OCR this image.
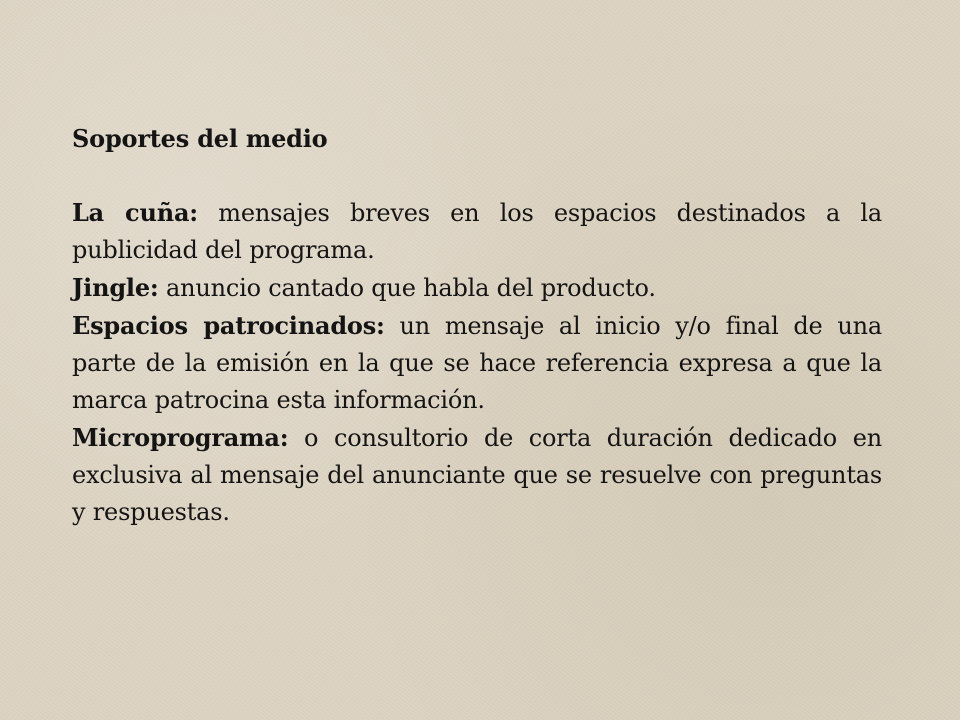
Soportes del medio

La cuña: mensajes breves en los espacios destinados a la publicidad del programa.

Jingle: anuncio cantado que habla del producto.

Espacios patrocinados: un mensaje al inicio y/o final de una parte de la emisión en la que se hace referencia expresa a que la marca patrocina esta información.

Microprograma: o consultorio de corta duración dedicado en exclusiva al mensaje del anunciante que se resuelve con preguntas y respuestas.
